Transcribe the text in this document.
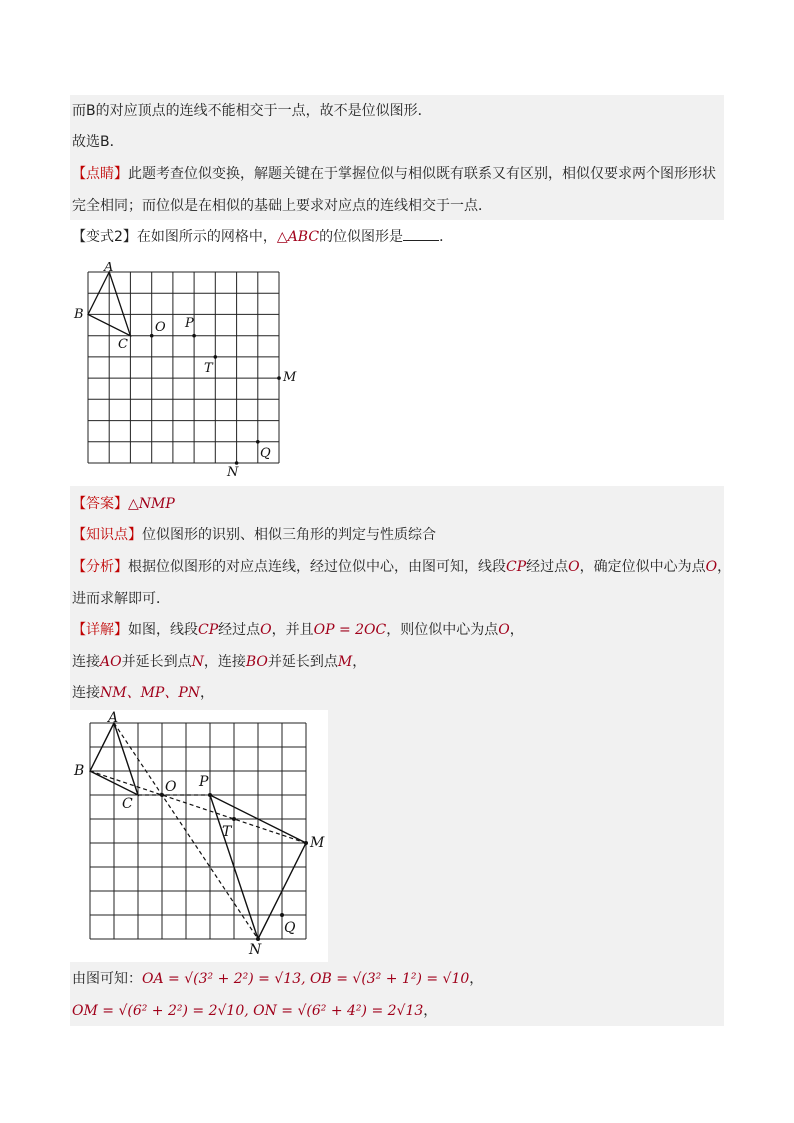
而B的对应顶点的连线不能相交于一点，故不是位似图形．
故选B．
【点睛】此题考查位似变换，解题关键在于掌握位似与相似既有联系又有区别，相似仅要求两个图形形状
完全相同；而位似是在相似的基础上要求对应点的连线相交于一点．
【变式2】在如图所示的网格中，△ABC的位似图形是	．
A
B
C
O P
T
M
N
Q
【答案】△NMP
【知识点】位似图形的识别、相似三角形的判定与性质综合
【分析】根据位似图形的对应点连线，经过位似中心，由图可知，线段CP经过点O，确定位似中心为点O，
进而求解即可．
【详解】如图，线段CP经过点O，并且OP = 2OC，则位似中心为点O，
连接AO并延长到点N，连接BO并延长到点M，
连接NM、MP、PN，
A
B
C
O P
T
M
N
Q
由图可知：OA = √(3² + 2²) = √13, OB = √(3² + 1²) = √10，
OM = √(6² + 2²) = 2√10, ON = √(6² + 4²) = 2√13，
